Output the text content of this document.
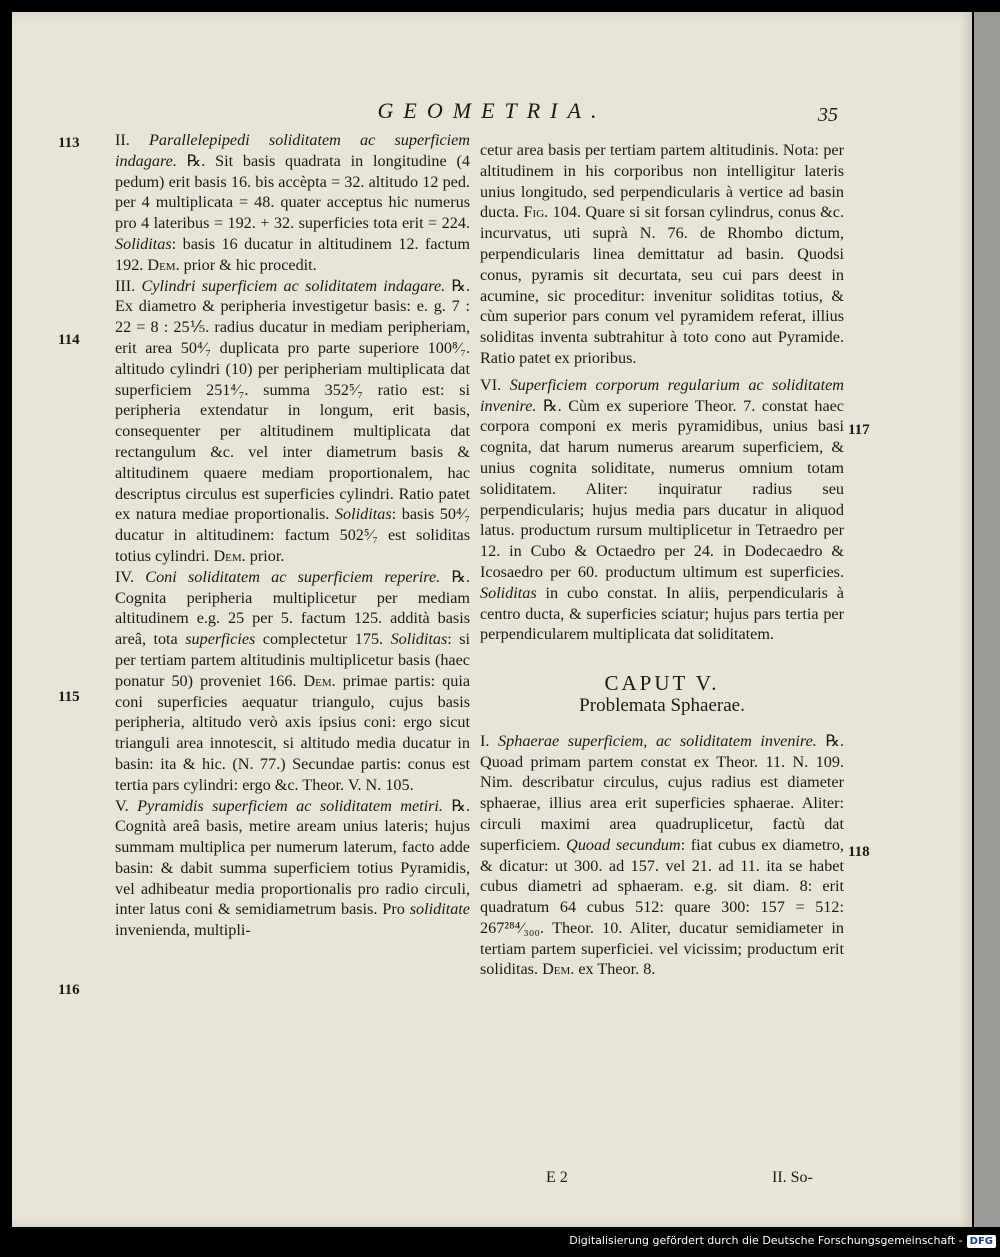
GEOMETRIA.	35
113
114
115
116
117
118

II. Parallelepipedi soliditatem ac superficiem indagare. ℞. Sit basis quadrata in longitudine (4 pedum) erit basis 16. bis accèpta = 32. altitudo 12 ped. per 4 multiplicata = 48. quater acceptus hic numerus pro 4 lateribus = 192. + 32. superficies tota erit = 224. Soliditas: basis 16 ducatur in altitudinem 12. factum 192. Dem. prior & hic procedit.

III. Cylindri superficiem ac soliditatem indagare. ℞. Ex diametro & peripheria investigetur basis: e. g. 7 : 22 = 8 : 25⅕. radius ducatur in mediam peripheriam, erit area 50⁴⁄₇ duplicata pro parte superiore 100⁸⁄₇. altitudo cylindri (10) per peripheriam multiplicata dat superficiem 251⁴⁄₇. summa 352⁵⁄₇ ratio est: si peripheria extendatur in longum, erit basis, consequenter per altitudinem multiplicata dat rectangulum &c. vel inter diametrum basis & altitudinem quaere mediam proportionalem, hac descriptus circulus est superficies cylindri. Ratio patet ex natura mediae proportionalis. Soliditas: basis 50⁴⁄₇ ducatur in altitudinem: factum 502⁵⁄₇ est soliditas totius cylindri. Dem. prior.

IV. Coni soliditatem ac superficiem reperire. ℞. Cognita peripheria multiplicetur per mediam altitudinem e.g. 25 per 5. factum 125. addità basis areâ, tota superficies complectetur 175. Soliditas: si per tertiam partem altitudinis multiplicetur basis (haec ponatur 50) proveniet 166. Dem. primae partis: quia coni superficies aequatur triangulo, cujus basis peripheria, altitudo verò axis ipsius coni: ergo sicut trianguli area innotescit, si altitudo media ducatur in basin: ita & hic. (N. 77.) Secundae partis: conus est tertia pars cylindri: ergo &c. Theor. V. N. 105.

V. Pyramidis superficiem ac soliditatem metiri. ℞. Cognità areâ basis, metire aream unius lateris; hujus summam multiplica per numerum laterum, facto adde basin: & dabit summa superficiem totius Pyramidis, vel adhibeatur media proportionalis pro radio circuli, inter latus coni & semidiametrum basis. Pro soliditate invenienda, multipli-

cetur area basis per tertiam partem altitudinis. Nota: per altitudinem in his corporibus non intelligitur lateris unius longitudo, sed perpendicularis à vertice ad basin ducta. Fig. 104. Quare si sit forsan cylindrus, conus &c. incurvatus, uti suprà N. 76. de Rhombo dictum, perpendicularis linea demittatur ad basin. Quodsi conus, pyramis sit decurtata, seu cui pars deest in acumine, sic proceditur: invenitur soliditas totius, & cùm superior pars conum vel pyramidem referat, illius soliditas inventa subtrahitur à toto cono aut Pyramide. Ratio patet ex prioribus.

VI. Superficiem corporum regularium ac soliditatem invenire. ℞. Cùm ex superiore Theor. 7. constat haec corpora componi ex meris pyramidibus, unius basi cognita, dat harum numerus arearum superficiem, & unius cognita soliditate, numerus omnium totam soliditatem. Aliter: inquiratur radius seu perpendicularis; hujus media pars ducatur in aliquod latus. productum rursum multiplicetur in Tetraedro per 12. in Cubo & Octaedro per 24. in Dodecaedro & Icosaedro per 60. productum ultimum est superficies. Soliditas in cubo constat. In aliis, perpendicularis à centro ducta, & superficies sciatur; hujus pars tertia per perpendicularem multiplicata dat soliditatem.

CAPUT V.
Problemata Sphaerae.

I. Sphaerae superficiem, ac soliditatem invenire. ℞. Quoad primam partem constat ex Theor. 11. N. 109. Nim. describatur circulus, cujus radius est diameter sphaerae, illius area erit superficies sphaerae. Aliter: circuli maximi area quadruplicetur, factù dat superficiem. Quoad secundum: fiat cubus ex diametro, & dicatur: ut 300. ad 157. vel 21. ad 11. ita se habet cubus diametri ad sphaeram. e.g. sit diam. 8: erit quadratum 64 cubus 512: quare 300: 157 = 512: 267²⁸⁴⁄₃₀₀. Theor. 10. Aliter, ducatur semidiameter in tertiam partem superficiei. vel vicissim; productum erit soliditas. Dem. ex Theor. 8.

E 2	II. So-
Digitalisierung gefördert durch die Deutsche Forschungsgemeinschaft - DFG
